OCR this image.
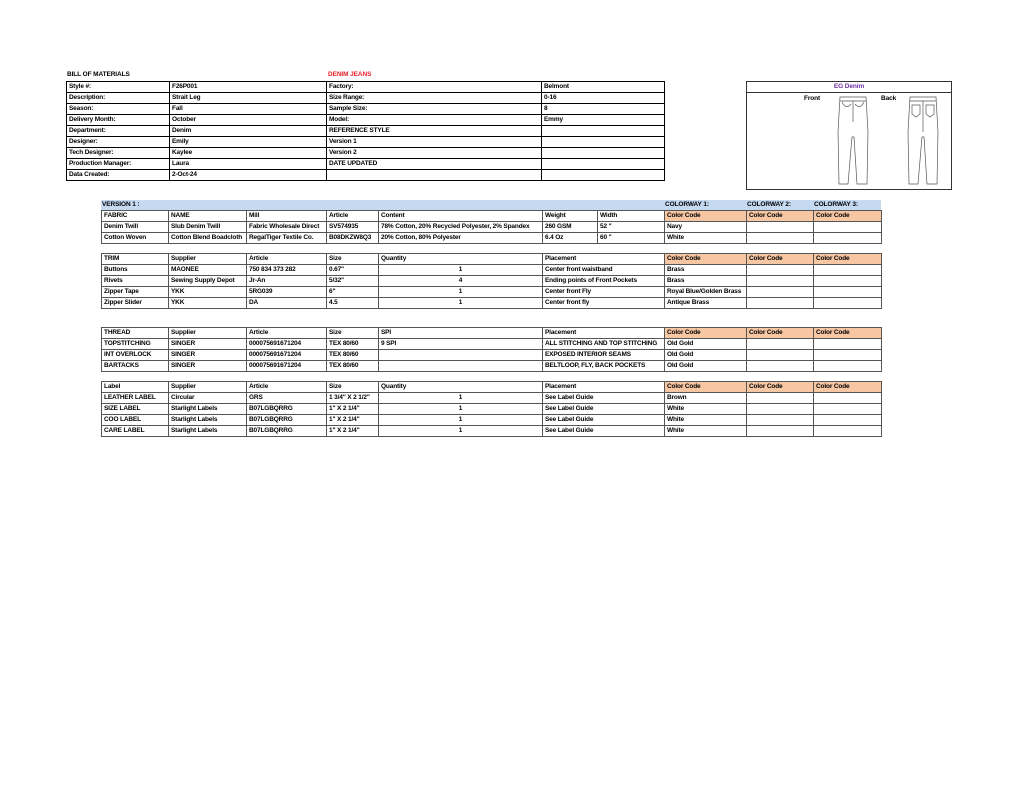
BILL OF MATERIALS	DENIM JEANS
Style #:	F26P001	Factory:	Belmont
Description:	Strait Leg	Size Range:	0-16
Season:	Fall	Sample Size:	8
Delivery Month:	October	Model:	Emmy
Department:	Denim	REFERENCE STYLE	
Designer:	Emily	Version 1	
Tech Designer:	Kaylee	Version 2	
Production Manager:	Laura	DATE UPDATED	
Data Created:	2-Oct-24		
EG Denim
Front	Back
VERSION 1 :	COLORWAY 1:	COLORWAY 2:	COLORWAY 3:
FABRIC	NAME	Mill	Article	Content	Weight	Width	Color Code	Color Code	Color Code
Denim Twill	Slub Denim Twill	Fabric Wholesale Direct	SV574935	78% Cotton, 20% Recycled Polyester, 2% Spandex	260 GSM	52 "	Navy		
Cotton Woven	Cotton Blend Boadcloth	RegalTiger Textile Co.	B08DKZW8Q3	20% Cotton, 80% Polyester	6.4 Oz	60 "	White		
TRIM	Supplier	Article	Size	Quantity	Placement	Color Code	Color Code	Color Code
Buttons	MAONEE	750 834 373 282	0.67"	1	Center front waistband	Brass		
Rivets	Sewing Supply Depot	Jr-An	5/32"	4	Ending points of Front Pockets	Brass		
Zipper Tape	YKK	5RG039	6"	1	Center front Fly	Royal Blue/Golden Brass		
Zipper Slider	YKK	DA	4.5	1	Center front fly	Antique Brass		
THREAD	Supplier	Article	Size	SPI	Placement	Color Code	Color Code	Color Code
TOPSTITCHING	SINGER	000075691671204	TEX 80/60	9 SPI	ALL STITCHING AND TOP STITCHING	Old Gold		
INT OVERLOCK	SINGER	000075691671204	TEX 80/60		EXPOSED INTERIOR SEAMS	Old Gold		
BARTACKS	SINGER	000075691671204	TEX 80/60		BELTLOOP, FLY, BACK POCKETS	Old Gold		
Label	Supplier	Article	Size	Quantity	Placement	Color Code	Color Code	Color Code
LEATHER LABEL	Circular	GRS	1 3/4" X 2 1/2"	1	See Label Guide	Brown		
SIZE LABEL	Starlight Labels	B07LGBQRRG	1" X 2 1/4"	1	See Label Guide	White		
COO LABEL	Starlight Labels	B07LGBQRRG	1" X 2 1/4"	1	See Label Guide	White		
CARE LABEL	Starlight Labels	B07LGBQRRG	1" X 2 1/4"	1	See Label Guide	White		
